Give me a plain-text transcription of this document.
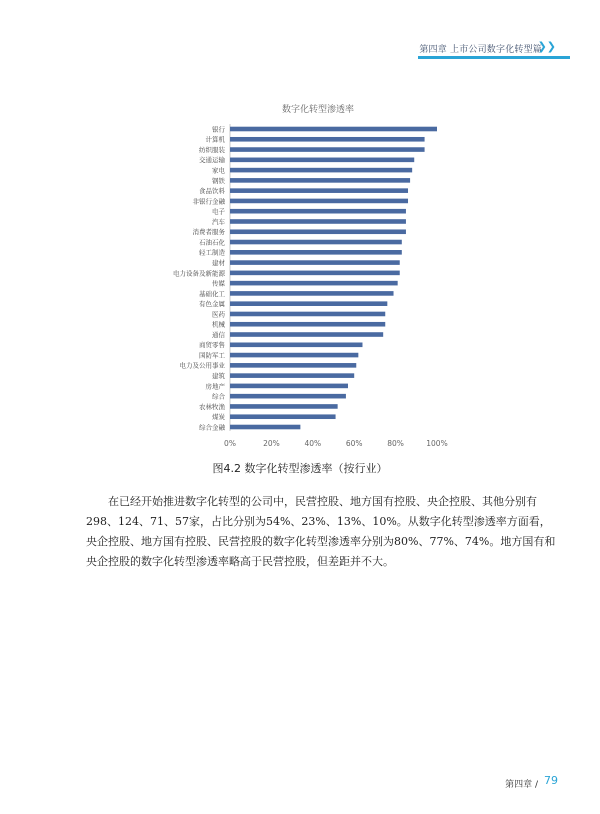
第四章 上市公司数字化转型篇
❯❯
数字化转型渗透率
银行
计算机
纺织服装
交通运输
家电
钢铁
食品饮料
非银行金融
电子
汽车
消费者服务
石油石化
轻工制造
建材
电力设备及新能源
传媒
基础化工
有色金属
医药
机械
通信
商贸零售
国防军工
电力及公用事业
建筑
房地产
综合
农林牧渔
煤炭
综合金融
0%	20%	40%	60%	80%	100%
图4.2 数字化转型渗透率（按行业）

在已经开始推进数字化转型的公司中，民营控股、地方国有控股、央企控股、其他分别有298、124、71、57家，占比分别为54%、23%、13%、10%。从数字化转型渗透率方面看，央企控股、地方国有控股、民营控股的数字化转型渗透率分别为80%、77%、74%。地方国有和央企控股的数字化转型渗透率略高于民营控股，但差距并不大。

第四章 / 79
